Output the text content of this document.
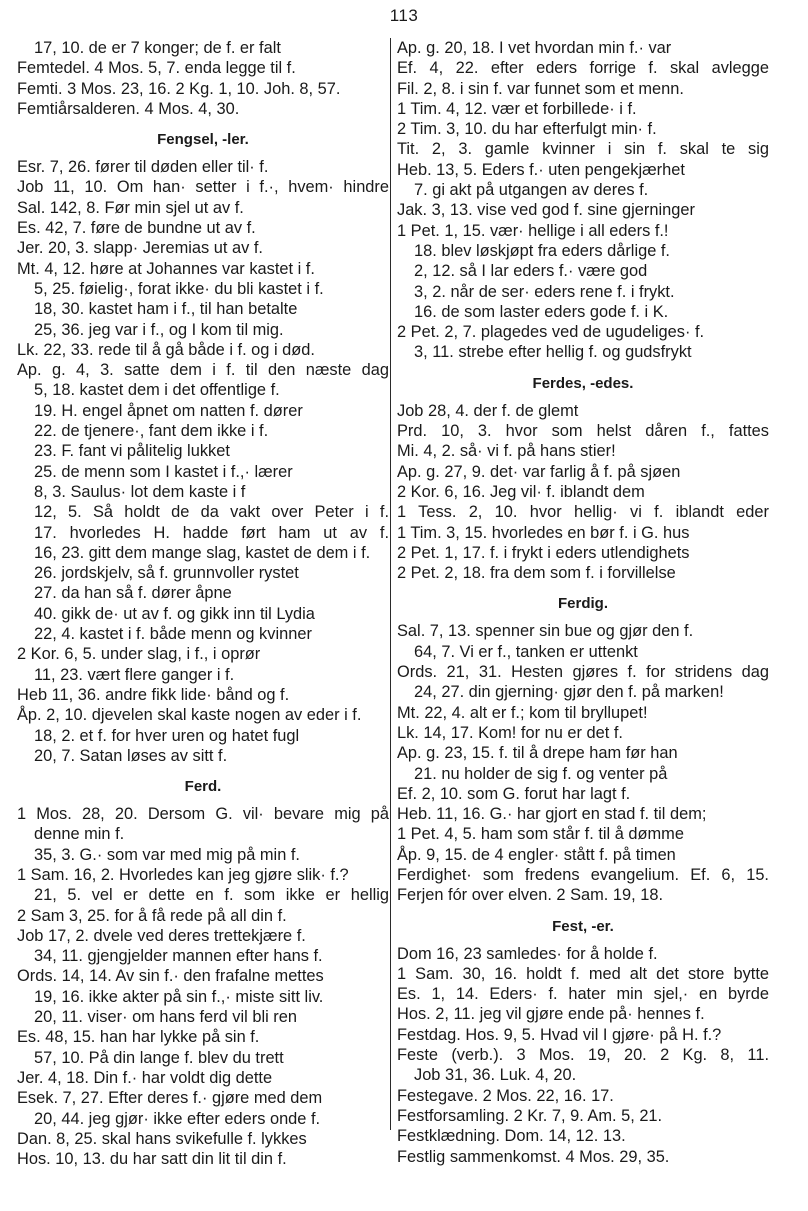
113
17, 10. de er 7 konger; de f. er falt
Femtedel. 4 Mos. 5, 7. enda legge til f.
Femti. 3 Mos. 23, 16. 2 Kg. 1, 10. Joh. 8, 57.
Femtiårsalderen. 4 Mos. 4, 30.
Fengsel, -ler.
Esr. 7, 26. fører til døden eller til· f.
Job 11, 10. Om han· setter i f.·, hvem· hindre
Sal. 142, 8. Før min sjel ut av f.
Es. 42, 7. føre de bundne ut av f.
Jer. 20, 3. slapp· Jeremias ut av f.
Mt. 4, 12. høre at Johannes var kastet i f.
5, 25. føielig·, forat ikke· du bli kastet i f.
18, 30. kastet ham i f., til han betalte
25, 36. jeg var i f., og I kom til mig.
Lk. 22, 33. rede til å gå både i f. og i død.
Ap. g. 4, 3. satte dem i f. til den næste dag
5, 18. kastet dem i det offentlige f.
19. H. engel åpnet om natten f. dører
22. de tjenere·, fant dem ikke i f.
23. F. fant vi pålitelig lukket
25. de menn som I kastet i f.,· lærer
8, 3. Saulus· lot dem kaste i f
12, 5. Så holdt de da vakt over Peter i f.
17. hvorledes H. hadde ført ham ut av f.
16, 23. gitt dem mange slag, kastet de dem i f.
26. jordskjelv, så f. grunnvoller rystet
27. da han så f. dører åpne
40. gikk de· ut av f. og gikk inn til Lydia
22, 4. kastet i f. både menn og kvinner
2 Kor. 6, 5. under slag, i f., i oprør
11, 23. vært flere ganger i f.
Heb 11, 36. andre fikk lide· bånd og f.
Åp. 2, 10. djevelen skal kaste nogen av eder i f.
18, 2. et f. for hver uren og hatet fugl
20, 7. Satan løses av sitt f.
Ferd.
1 Mos. 28, 20. Dersom G. vil· bevare mig på
denne min f.
35, 3. G.· som var med mig på min f.
1 Sam. 16, 2. Hvorledes kan jeg gjøre slik· f.?
21, 5. vel er dette en f. som ikke er hellig
2 Sam 3, 25. for å få rede på all din f.
Job 17, 2. dvele ved deres trettekjære f.
34, 11. gjengjelder mannen efter hans f.
Ords. 14, 14. Av sin f.· den frafalne mettes
19, 16. ikke akter på sin f.,· miste sitt liv.
20, 11. viser· om hans ferd vil bli ren
Es. 48, 15. han har lykke på sin f.
57, 10. På din lange f. blev du trett
Jer. 4, 18. Din f.· har voldt dig dette
Esek. 7, 27. Efter deres f.· gjøre med dem
20, 44. jeg gjør· ikke efter eders onde f.
Dan. 8, 25. skal hans svikefulle f. lykkes
Hos. 10, 13. du har satt din lit til din f.
Ap. g. 20, 18. I vet hvordan min f.· var
Ef. 4, 22. efter eders forrige f. skal avlegge
Fil. 2, 8. i sin f. var funnet som et menn.
1 Tim. 4, 12. vær et forbillede· i f.
2 Tim. 3, 10. du har efterfulgt min· f.
Tit. 2, 3. gamle kvinner i sin f. skal te sig
Heb. 13, 5. Eders f.· uten pengekjærhet
7. gi akt på utgangen av deres f.
Jak. 3, 13. vise ved god f. sine gjerninger
1 Pet. 1, 15. vær· hellige i all eders f.!
18. blev løskjøpt fra eders dårlige f.
2, 12. så I lar eders f.· være god
3, 2. når de ser· eders rene f. i frykt.
16. de som laster eders gode f. i K.
2 Pet. 2, 7. plagedes ved de ugudeliges· f.
3, 11. strebe efter hellig f. og gudsfrykt
Ferdes, -edes.
Job 28, 4. der f. de glemt
Prd. 10, 3. hvor som helst dåren f., fattes
Mi. 4, 2. så· vi f. på hans stier!
Ap. g. 27, 9. det· var farlig å f. på sjøen
2 Kor. 6, 16. Jeg vil· f. iblandt dem
1 Tess. 2, 10. hvor hellig· vi f. iblandt eder
1 Tim. 3, 15. hvorledes en bør f. i G. hus
2 Pet. 1, 17. f. i frykt i eders utlendighets
2 Pet. 2, 18. fra dem som f. i forvillelse
Ferdig.
Sal. 7, 13. spenner sin bue og gjør den f.
64, 7. Vi er f., tanken er uttenkt
Ords. 21, 31. Hesten gjøres f. for stridens dag
24, 27. din gjerning· gjør den f. på marken!
Mt. 22, 4. alt er f.; kom til bryllupet!
Lk. 14, 17. Kom! for nu er det f.
Ap. g. 23, 15. f. til å drepe ham før han
21. nu holder de sig f. og venter på
Ef. 2, 10. som G. forut har lagt f.
Heb. 11, 16. G.· har gjort en stad f. til dem;
1 Pet. 4, 5. ham som står f. til å dømme
Åp. 9, 15. de 4 engler· stått f. på timen
Ferdighet· som fredens evangelium. Ef. 6, 15.
Ferjen fór over elven. 2 Sam. 19, 18.
Fest, -er.
Dom 16, 23 samledes· for å holde f.
1 Sam. 30, 16. holdt f. med alt det store bytte
Es. 1, 14. Eders· f. hater min sjel,· en byrde
Hos. 2, 11. jeg vil gjøre ende på· hennes f.
Festdag. Hos. 9, 5. Hvad vil I gjøre· på H. f.?
Feste (verb.). 3 Mos. 19, 20. 2 Kg. 8, 11.
Job 31, 36. Luk. 4, 20.
Festegave. 2 Mos. 22, 16. 17.
Festforsamling. 2 Kr. 7, 9. Am. 5, 21.
Festklædning. Dom. 14, 12. 13.
Festlig sammenkomst. 4 Mos. 29, 35.
